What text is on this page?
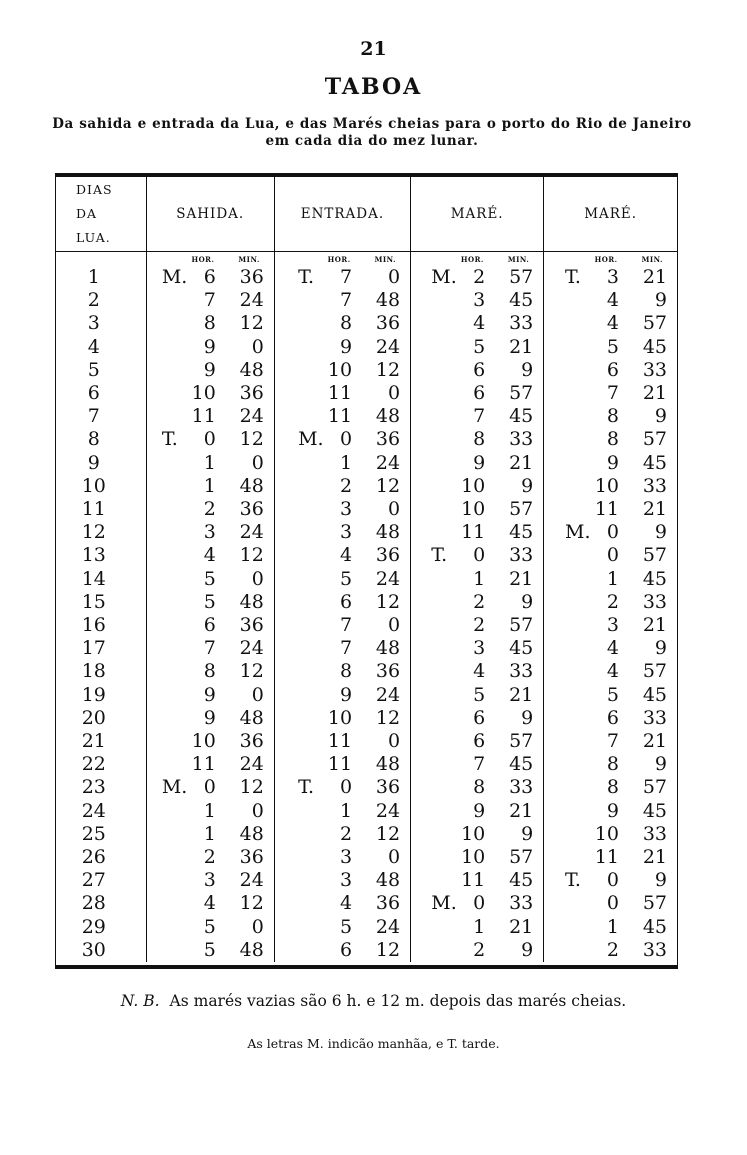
21
TABOA
Da sahida e entrada da Lua, e das Marés cheias para o porto do Rio de Janeiro em cada dia do mez lunar.
DIAS
DA
LUA.	SAHIDA.	ENTRADA.	MARÉ.	MARÉ.

	HOR. MIN.	HOR. MIN.	HOR. MIN.	HOR. MIN.

1	M. 6 36	T. 7 0	M. 2 57	T. 3 21

2	7 24	7 48	3 45	4 9

3	8 12	8 36	4 33	4 57

4	9 0	9 24	5 21	5 45

5	9 48	10 12	6 9	6 33

6	10 36	11 0	6 57	7 21

7	11 24	11 48	7 45	8 9

8	T. 0 12	M. 0 36	8 33	8 57

9	1 0	1 24	9 21	9 45

10	1 48	2 12	10 9	10 33

11	2 36	3 0	10 57	11 21

12	3 24	3 48	11 45	M. 0 9

13	4 12	4 36	T. 0 33	0 57

14	5 0	5 24	1 21	1 45

15	5 48	6 12	2 9	2 33

16	6 36	7 0	2 57	3 21

17	7 24	7 48	3 45	4 9

18	8 12	8 36	4 33	4 57

19	9 0	9 24	5 21	5 45

20	9 48	10 12	6 9	6 33

21	10 36	11 0	6 57	7 21

22	11 24	11 48	7 45	8 9

23	M. 0 12	T. 0 36	8 33	8 57

24	1 0	1 24	9 21	9 45

25	1 48	2 12	10 9	10 33

26	2 36	3 0	10 57	11 21

27	3 24	3 48	11 45	T. 0 9

28	4 12	4 36	M. 0 33	0 57

29	5 0	5 24	1 21	1 45

30	5 48	6 12	2 9	2 33
N. B. As marés vazias são 6 h. e 12 m. depois das marés cheias.
As letras M. indicão manhãa, e T. tarde.
